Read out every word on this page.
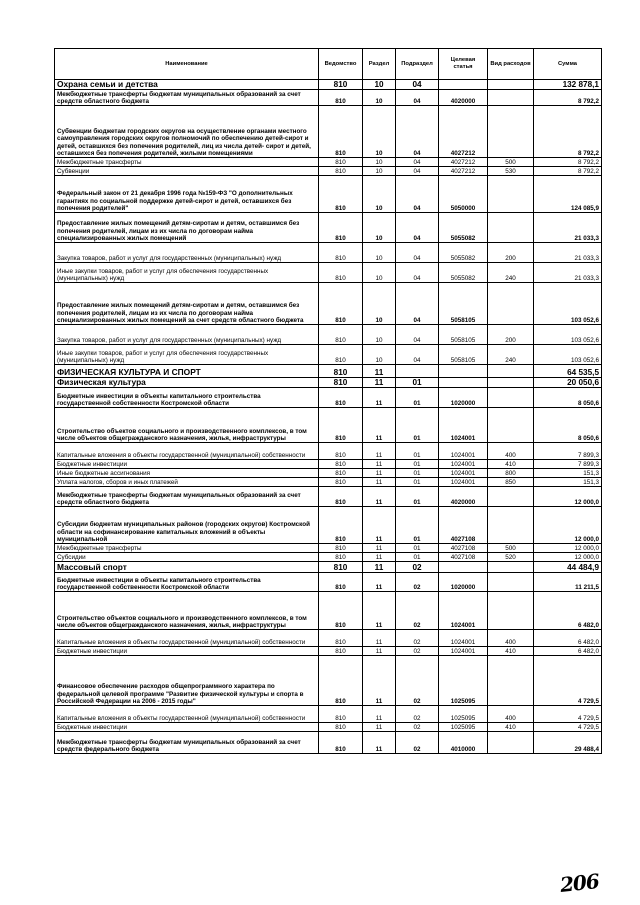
Наименование	Ведомство	Раздел	Подраздел	Целевая статья	Вид расходов	Сумма
Охрана семьи и детства	810	10	04			132 878,1
Межбюджетные трансферты бюджетам муниципальных образований за счет средств областного бюджета	810	10	04	4020000		8 792,2
Субвенции бюджетам городских округов на осуществление органами местного самоуправления городских округов полномочий по обеспечению детей-сирот и детей, оставшихся без попечения родителей, лиц из числа детей- сирот и детей, оставшихся без попечения родителей, жилыми помещениями	810	10	04	4027212		8 792,2
Межбюджетные трансферты	810	10	04	4027212	500	8 792,2
Субвенции	810	10	04	4027212	530	8 792,2
Федеральный закон от 21 декабря 1996 года №159-ФЗ "О дополнительных гарантиях по социальной поддержке детей-сирот и детей, оставшихся без попечения родителей"	810	10	04	5050000		124 085,9
Предоставление жилых помещений детям-сиротам и детям, оставшимся без попечения родителей, лицам из их числа по договорам найма специализированных жилых помещений	810	10	04	5055082		21 033,3
Закупка товаров, работ и услуг для государственных (муниципальных) нужд	810	10	04	5055082	200	21 033,3
Иные закупки товаров, работ и услуг для обеспечения государственных (муниципальных) нужд	810	10	04	5055082	240	21 033,3
Предоставление жилых помещений детям-сиротам и детям, оставшимся без попечения родителей, лицам из их числа по договорам найма специализированных жилых помещений за счет средств областного бюджета	810	10	04	5058105		103 052,6
Закупка товаров, работ и услуг для государственных (муниципальных) нужд	810	10	04	5058105	200	103 052,6
Иные закупки товаров, работ и услуг для обеспечения государственных (муниципальных) нужд	810	10	04	5058105	240	103 052,6
ФИЗИЧЕСКАЯ КУЛЬТУРА И СПОРТ	810	11				64 535,5
Физическая культура	810	11	01			20 050,6
Бюджетные инвестиции в объекты капитального строительства государственной собственности Костромской области	810	11	01	1020000		8 050,6
Строительство объектов социального и производственного комплексов, в том числе объектов общегражданского назначения, жилья, инфраструктуры	810	11	01	1024001		8 050,6
Капитальные вложения в объекты государственной (муниципальной) собственности	810	11	01	1024001	400	7 899,3
Бюджетные инвестиции	810	11	01	1024001	410	7 899,3
Иные бюджетные ассигнования	810	11	01	1024001	800	151,3
Уплата налогов, сборов и иных платежей	810	11	01	1024001	850	151,3
Межбюджетные трансферты бюджетам муниципальных образований за счет средств областного бюджета	810	11	01	4020000		12 000,0
Субсидии бюджетам муниципальных районов (городских округов) Костромской области на софинансирование капитальных вложений в объекты муниципальной	810	11	01	4027108		12 000,0
Межбюджетные трансферты	810	11	01	4027108	500	12 000,0
Субсидии	810	11	01	4027108	520	12 000,0
Массовый спорт	810	11	02			44 484,9
Бюджетные инвестиции в объекты капитального строительства государственной собственности Костромской области	810	11	02	1020000		11 211,5
Строительство объектов социального и производственного комплексов, в том числе объектов общегражданского назначения, жилья, инфраструктуры	810	11	02	1024001		6 482,0
Капитальные вложения в объекты государственной (муниципальной) собственности	810	11	02	1024001	400	6 482,0
Бюджетные инвестиции	810	11	02	1024001	410	6 482,0
Финансовое обеспечение расходов общепрограммного характера по федеральной целевой программе "Развитие физической культуры и спорта в Российской Федерации на 2006 - 2015 годы"	810	11	02	1025095		4 729,5
Капитальные вложения в объекты государственной (муниципальной) собственности	810	11	02	1025095	400	4 729,5
Бюджетные инвестиции	810	11	02	1025095	410	4 729,5
Межбюджетные трансферты бюджетам муниципальных образований за счет средств федерального бюджета	810	11	02	4010000		29 488,4
206
